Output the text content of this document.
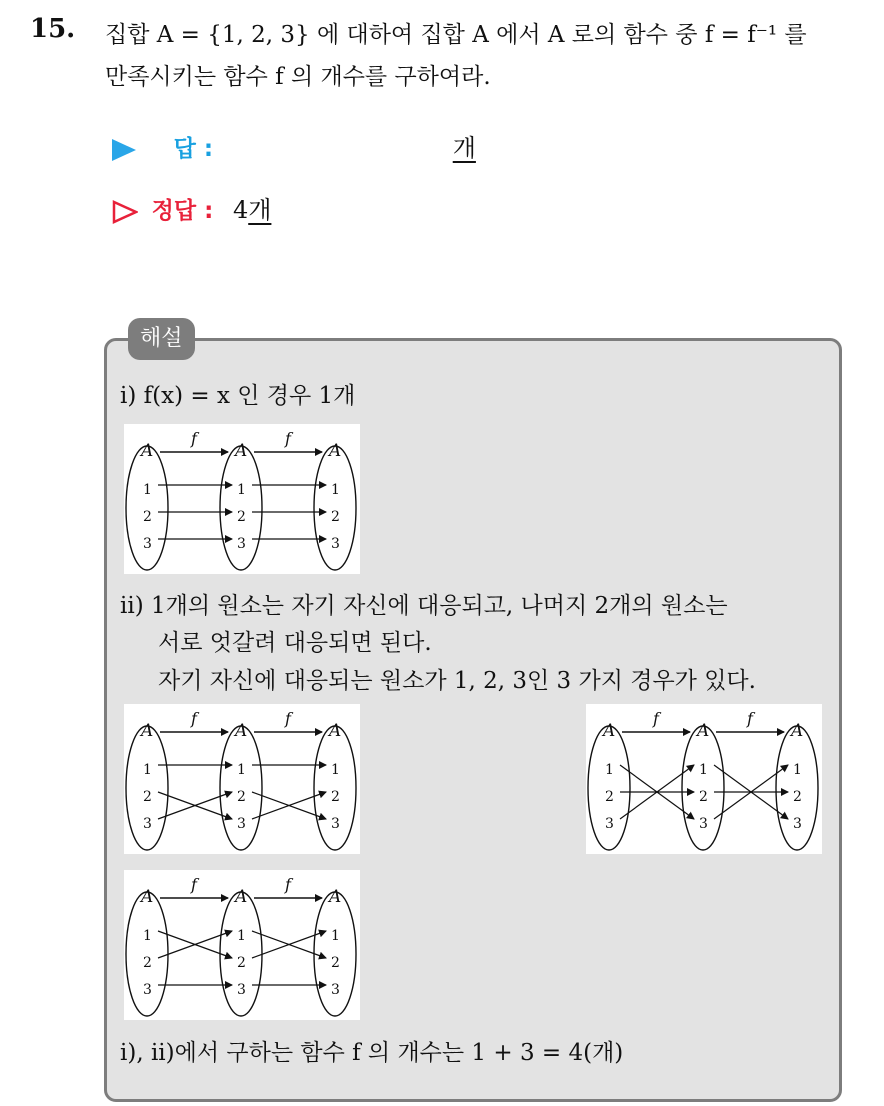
15. 집합 A = {1, 2, 3} 에 대하여 집합 A 에서 A 로의 함수 중 f = f⁻¹ 를
만족시키는 함수 f 의 개수를 구하여라.
답 :	개
정답 : 4개
해설
i) f(x) = x 인 경우 1개
A
1
2
3
A
1
2
3
A
1
2
3
f	f
ii) 1개의 원소는 자기 자신에 대응되고, 나머지 2개의 원소는
서로 엇갈려 대응되면 된다.
자기 자신에 대응되는 원소가 1, 2, 3인 3 가지 경우가 있다.
A
1
2
3
A
1
2
3
A
1
2
3
f	f
A
1
2
3
A
1
2
3
A
1
2
3
f	f
A
1
2
3
A
1
2
3
A
1
2
3
f	f
i), ii)에서 구하는 함수 f 의 개수는 1 + 3 = 4(개)
